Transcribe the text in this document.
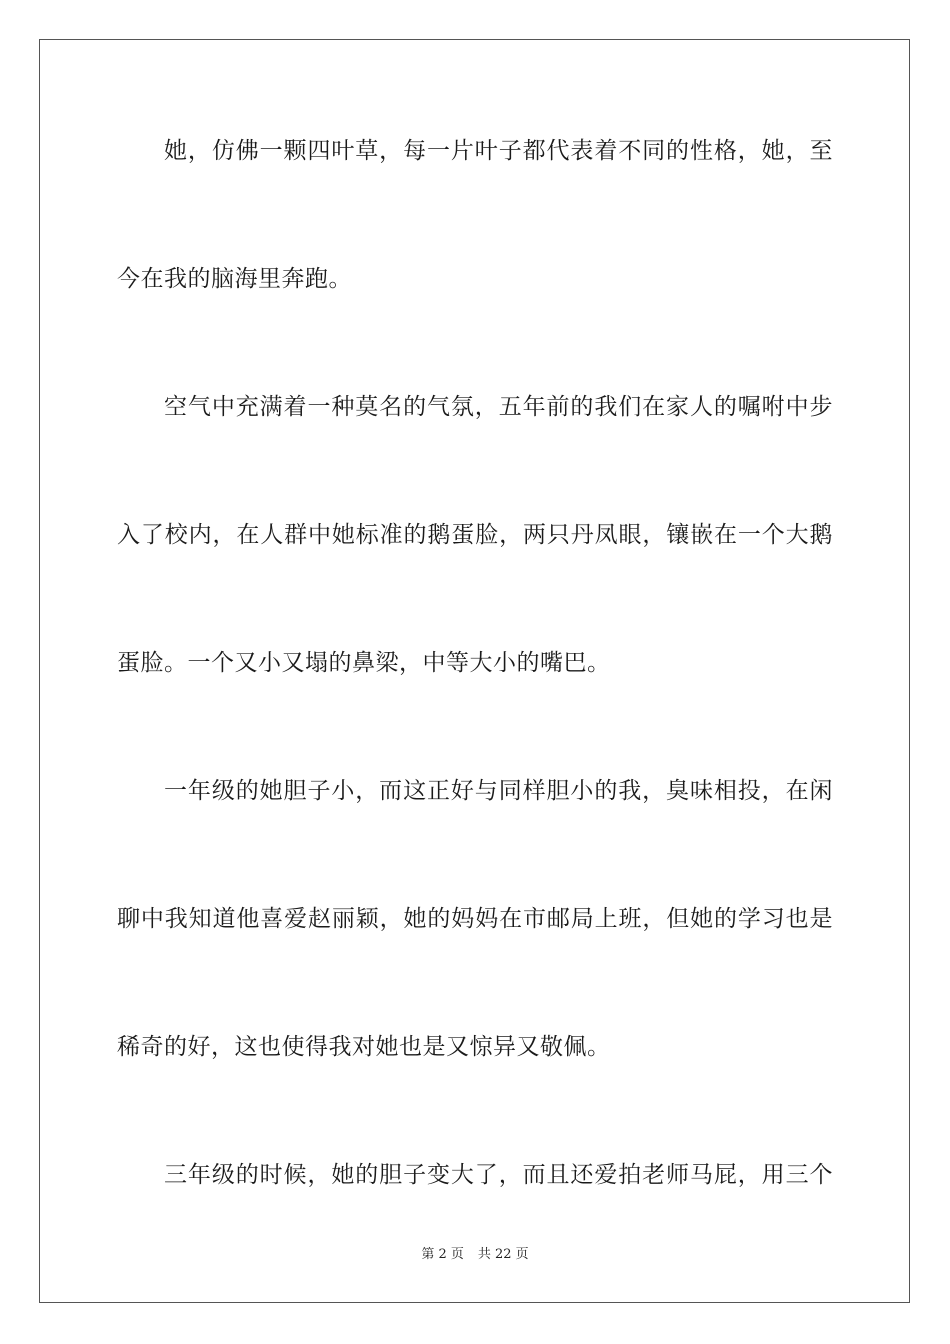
她，仿佛一颗四叶草，每一片叶子都代表着不同的性格，她，至
今在我的脑海里奔跑。
空气中充满着一种莫名的气氛，五年前的我们在家人的嘱咐中步
入了校内，在人群中她标准的鹅蛋脸，两只丹凤眼，镶嵌在一个大鹅
蛋脸。一个又小又塌的鼻梁，中等大小的嘴巴。
一年级的她胆子小，而这正好与同样胆小的我，臭味相投，在闲
聊中我知道他喜爱赵丽颖，她的妈妈在市邮局上班，但她的学习也是
稀奇的好，这也使得我对她也是又惊异又敬佩。
三年级的时候，她的胆子变大了，而且还爱拍老师马屁，用三个
第 2 页 共 22 页
